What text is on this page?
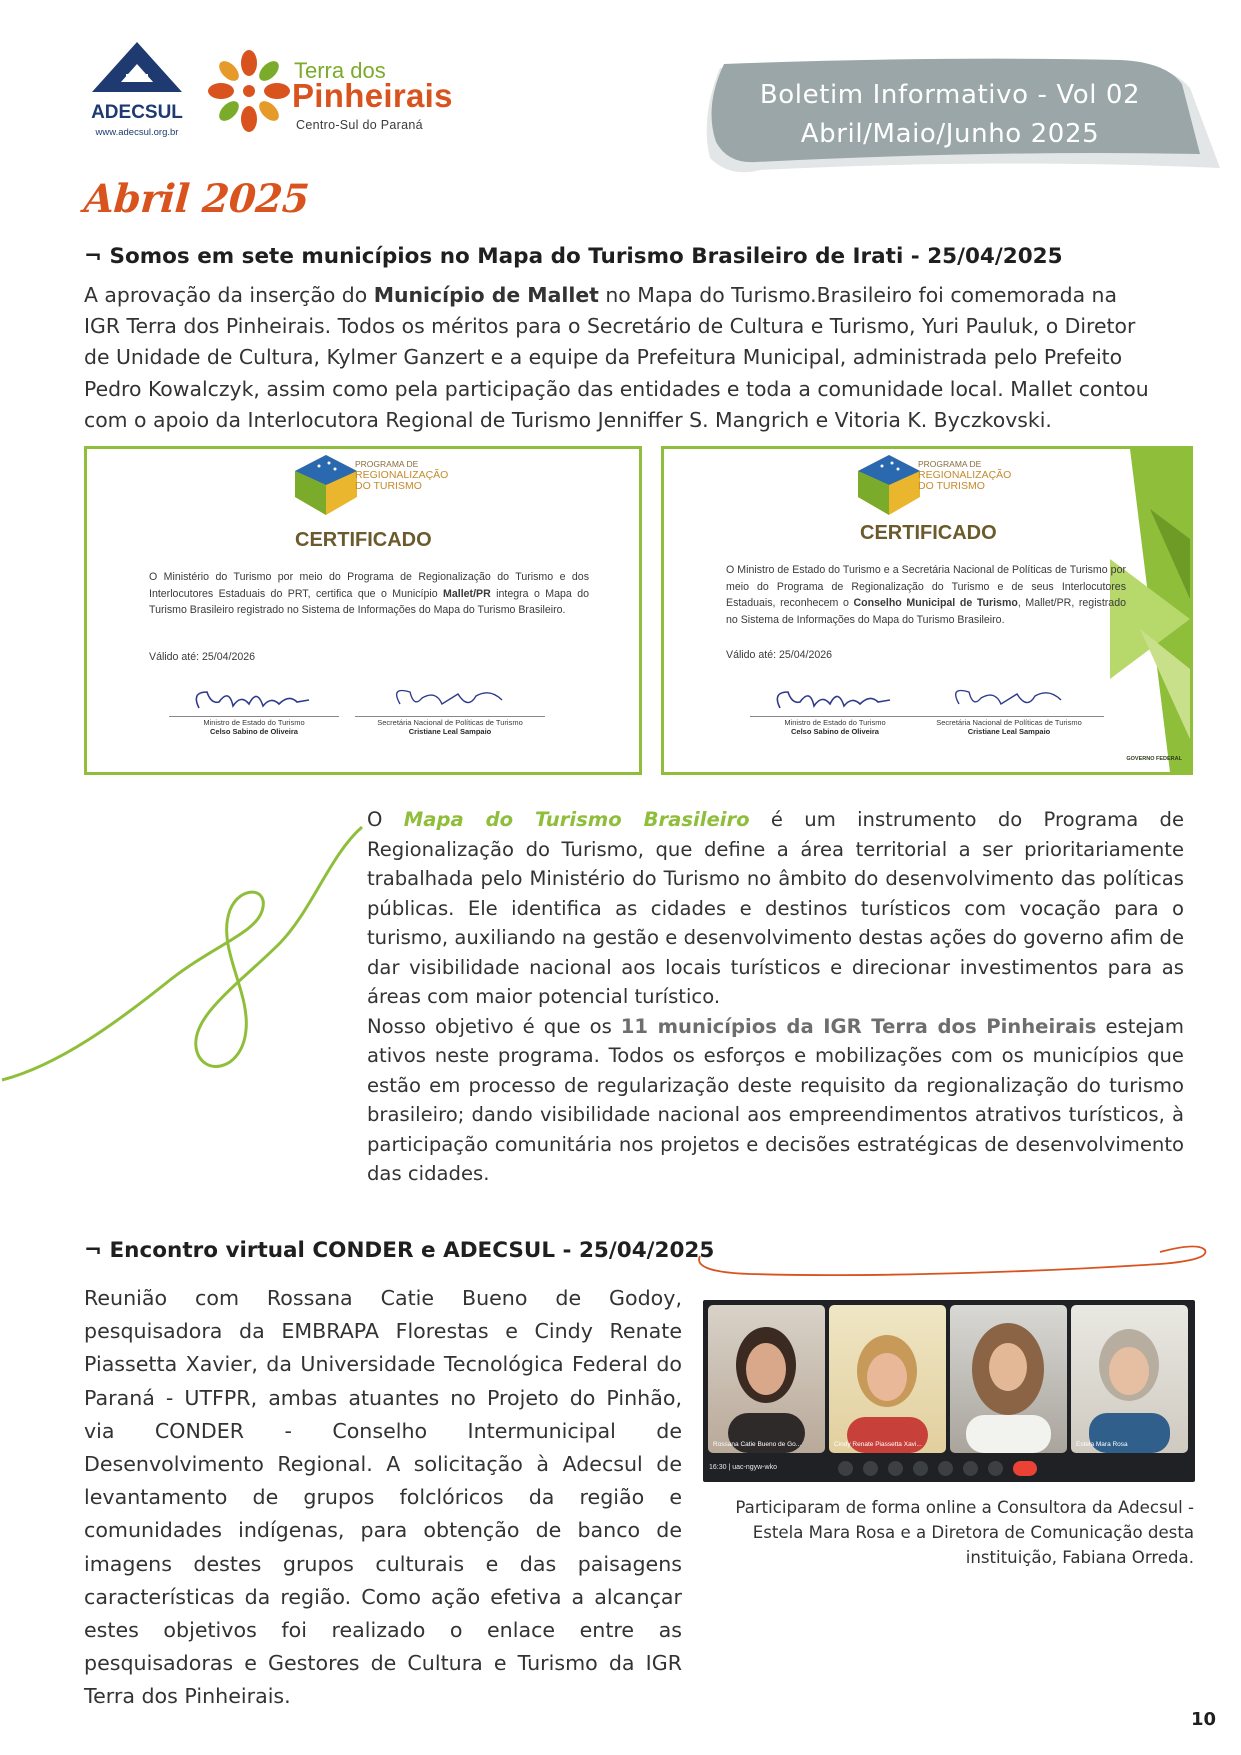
ADECSUL
www.adecsul.org.br
Terra dos
Pinheirais
Centro-Sul do Paraná
Boletim Informativo - Vol 02
Abril/Maio/Junho 2025
Abril 2025
¬ Somos em sete municípios no Mapa do Turismo Brasileiro de Irati - 25/04/2025
A aprovação da inserção do Município de Mallet no Mapa do Turismo.Brasileiro foi comemorada na
IGR Terra dos Pinheirais. Todos os méritos para o Secretário de Cultura e Turismo, Yuri Pauluk, o Diretor
de Unidade de Cultura, Kylmer Ganzert e a equipe da Prefeitura Municipal, administrada pelo Prefeito
Pedro Kowalczyk, assim como pela participação das entidades e toda a comunidade local. Mallet contou
com o apoio da Interlocutora Regional de Turismo Jenniffer S. Mangrich e Vitoria K. Byczkovski.
PROGRAMA DE
REGIONALIZAÇÃO
DO TURISMO
CERTIFICADO
O Ministério do Turismo por meio do Programa de Regionalização do Turismo e dos Interlocutores Estaduais do PRT, certifica que o Município Mallet/PR integra o Mapa do Turismo Brasileiro registrado no Sistema de Informações do Mapa do Turismo Brasileiro.
Válido até: 25/04/2026
Ministro de Estado do Turismo
Celso Sabino de Oliveira
Secretária Nacional de Políticas de Turismo
Cristiane Leal Sampaio
PROGRAMA DE
REGIONALIZAÇÃO
DO TURISMO
CERTIFICADO
O Ministro de Estado do Turismo e a Secretária Nacional de Políticas de Turismo por meio do Programa de Regionalização do Turismo e de seus Interlocutores Estaduais, reconhecem o Conselho Municipal de Turismo, Mallet/PR, registrado no Sistema de Informações do Mapa do Turismo Brasileiro.
Válido até: 25/04/2026
Ministro de Estado do Turismo
Celso Sabino de Oliveira
Secretária Nacional de Políticas de Turismo
Cristiane Leal Sampaio
GOVERNO FEDERAL
O Mapa do Turismo Brasileiro é um instrumento do Programa de Regionalização do Turismo, que define a área territorial a ser prioritariamente trabalhada pelo Ministério do Turismo no âmbito do desenvolvimento das políticas públicas. Ele identifica as cidades e destinos turísticos com vocação para o turismo, auxiliando na gestão e desenvolvimento destas ações do governo afim de dar visibilidade nacional aos locais turísticos e direcionar investimentos para as áreas com maior potencial turístico.
Nosso objetivo é que os 11 municípios da IGR Terra dos Pinheirais estejam ativos neste programa. Todos os esforços e mobilizações com os municípios que estão em processo de regularização deste requisito da regionalização do turismo brasileiro; dando visibilidade nacional aos empreendimentos atrativos turísticos, à participação comunitária nos projetos e decisões estratégicas de desenvolvimento das cidades.
¬ Encontro virtual CONDER e ADECSUL - 25/04/2025
Reunião com Rossana Catie Bueno de Godoy, pesquisadora da EMBRAPA Florestas e Cindy Renate Piassetta Xavier, da Universidade Tecnológica Federal do Paraná - UTFPR, ambas atuantes no Projeto do Pinhão, via CONDER - Conselho Intermunicipal de Desenvolvimento Regional. A solicitação à Adecsul de levantamento de grupos folclóricos da região e comunidades indígenas, para obtenção de banco de imagens destes grupos culturais e das paisagens características da região. Como ação efetiva a alcançar estes objetivos foi realizado o enlace entre as pesquisadoras e Gestores de Cultura e Turismo da IGR Terra dos Pinheirais.
Rossana Catie Bueno de Go...	Cindy Renate Piassetta Xavi...	Estela Mara Rosa
16:30 | uac-ngyw-wko
Participaram de forma online a Consultora da Adecsul - Estela Mara Rosa e a Diretora de Comunicação desta instituição, Fabiana Orreda.
10
